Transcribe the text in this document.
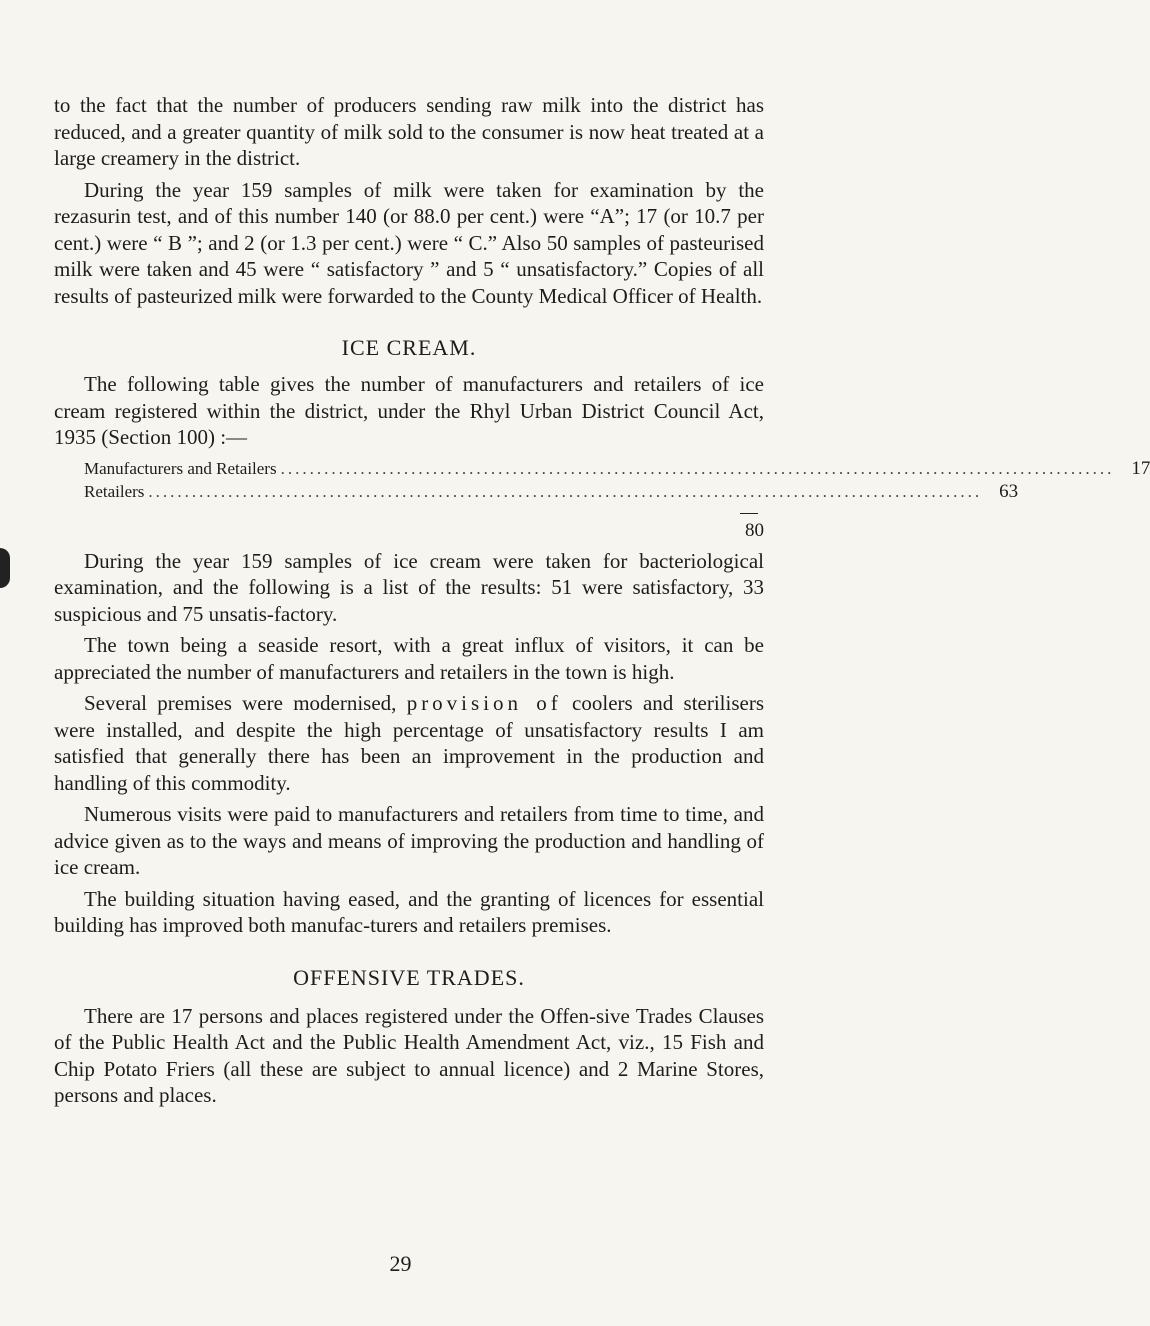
to the fact that the number of producers sending raw milk into the district has reduced, and a greater quantity of milk sold to the consumer is now heat treated at a large creamery in the district.

During the year 159 samples of milk were taken for examination by the rezasurin test, and of this number 140 (or 88.0 per cent.) were “A”; 17 (or 10.7 per cent.) were “ B ”; and 2 (or 1.3 per cent.) were “ C.” Also 50 samples of pasteurised milk were taken and 45 were “ satisfactory ” and 5 “ unsatisfactory.” Copies of all results of pasteurized milk were forwarded to the County Medical Officer of Health.

ICE CREAM.

The following table gives the number of manufacturers and retailers of ice cream registered within the district, under the Rhyl Urban District Council Act, 1935 (Section 100) :—

Manufacturers and Retailers ................................................................................................................... 17
Retailers ................................................................................................................... 63
80

During the year 159 samples of ice cream were taken for bacteriological examination, and the following is a list of the results: 51 were satisfactory, 33 suspicious and 75 unsatis-factory.

The town being a seaside resort, with a great influx of visitors, it can be appreciated the number of manufacturers and retailers in the town is high.

Several premises were modernised, provision of coolers and sterilisers were installed, and despite the high percentage of unsatisfactory results I am satisfied that generally there has been an improvement in the production and handling of this commodity.

Numerous visits were paid to manufacturers and retailers from time to time, and advice given as to the ways and means of improving the production and handling of ice cream.

The building situation having eased, and the granting of licences for essential building has improved both manufac-turers and retailers premises.

OFFENSIVE TRADES.

There are 17 persons and places registered under the Offen-sive Trades Clauses of the Public Health Act and the Public Health Amendment Act, viz., 15 Fish and Chip Potato Friers (all these are subject to annual licence) and 2 Marine Stores, persons and places.

29
